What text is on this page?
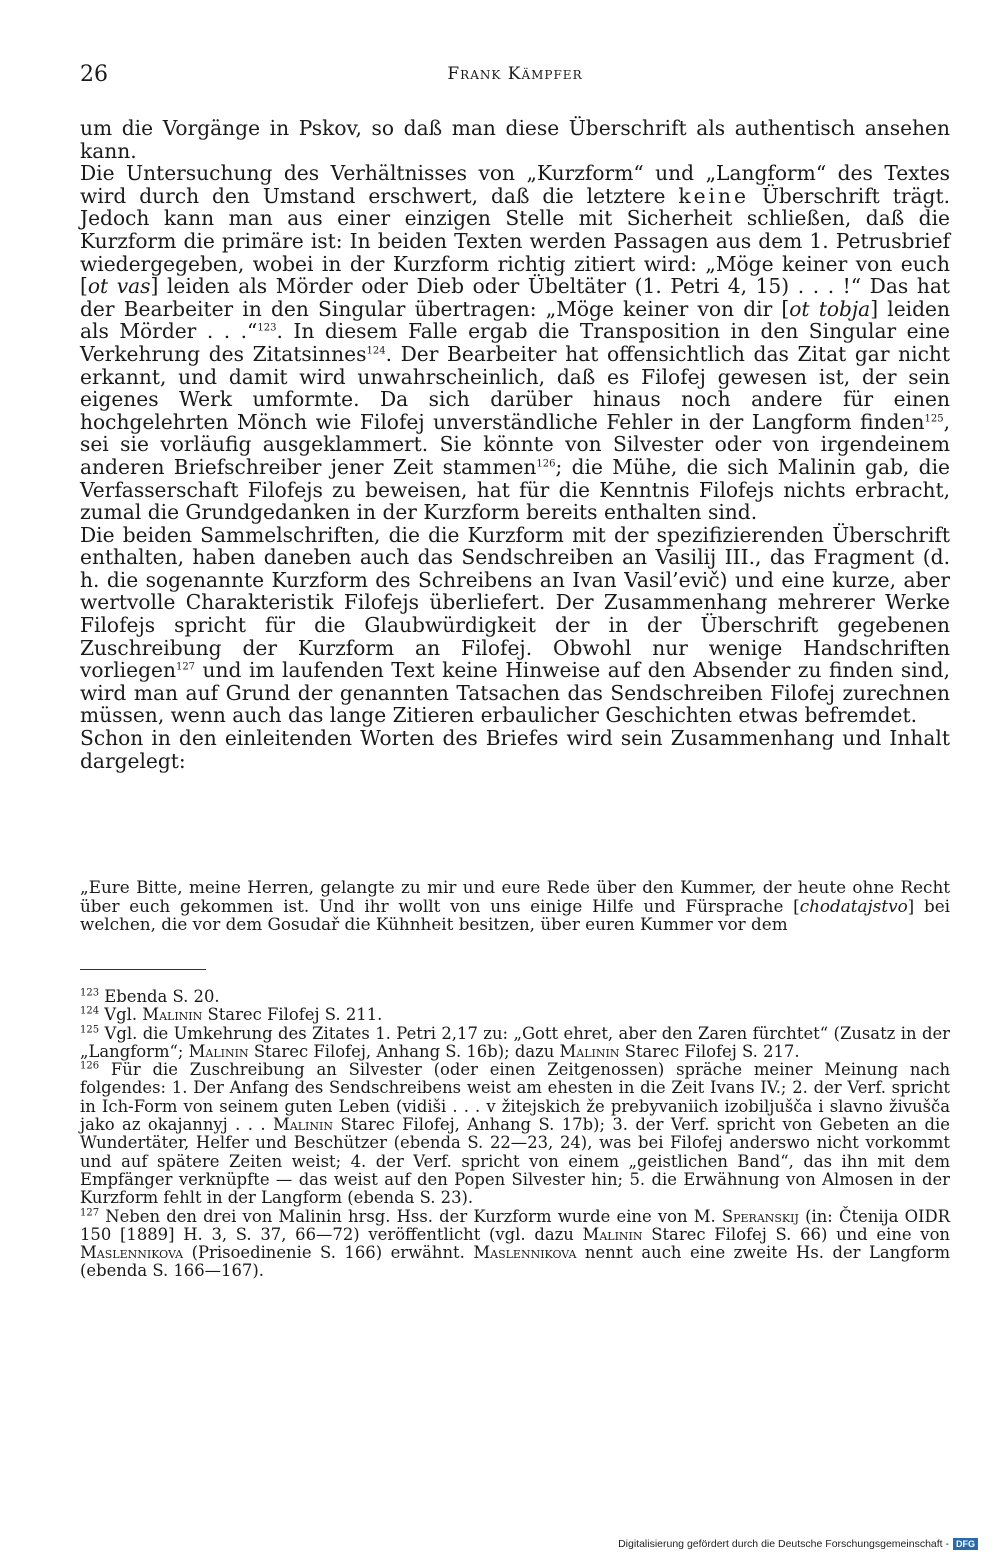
26	Frank Kämpfer

um die Vorgänge in Pskov, so daß man diese Überschrift als authentisch ansehen kann.

Die Untersuchung des Verhältnisses von „Kurzform“ und „Langform“ des Textes wird durch den Umstand erschwert, daß die letztere keine Überschrift trägt. Jedoch kann man aus einer einzigen Stelle mit Sicherheit schließen, daß die Kurzform die primäre ist: In beiden Texten werden Passagen aus dem 1. Petrusbrief wiedergegeben, wobei in der Kurzform richtig zitiert wird: „Möge keiner von euch [ot vas] leiden als Mörder oder Dieb oder Übeltäter (1. Petri 4, 15) . . . !“ Das hat der Bearbeiter in den Singular übertragen: „Möge keiner von dir [ot tobja] leiden als Mörder . . .“$^{123}$. In diesem Falle ergab die Transposition in den Singular eine Verkehrung des Zitatsinnes$^{124}$. Der Bearbeiter hat offensichtlich das Zitat gar nicht erkannt, und damit wird unwahrscheinlich, daß es Filofej gewesen ist, der sein eigenes Werk umformte. Da sich darüber hinaus noch andere für einen hochgelehrten Mönch wie Filofej unverständliche Fehler in der Langform finden$^{125}$, sei sie vorläufig ausgeklammert. Sie könnte von Silvester oder von irgendeinem anderen Briefschreiber jener Zeit stammen$^{126}$; die Mühe, die sich Malinin gab, die Verfasserschaft Filofejs zu beweisen, hat für die Kenntnis Filofejs nichts erbracht, zumal die Grundgedanken in der Kurzform bereits enthalten sind.

Die beiden Sammelschriften, die die Kurzform mit der spezifizierenden Überschrift enthalten, haben daneben auch das Sendschreiben an Vasilij III., das Fragment (d. h. die sogenannte Kurzform des Schreibens an Ivan Vasil’evič) und eine kurze, aber wertvolle Charakteristik Filofejs überliefert. Der Zusammenhang mehrerer Werke Filofejs spricht für die Glaubwürdigkeit der in der Überschrift gegebenen Zuschreibung der Kurzform an Filofej. Obwohl nur wenige Handschriften vorliegen$^{127}$ und im laufenden Text keine Hinweise auf den Absender zu finden sind, wird man auf Grund der genannten Tatsachen das Sendschreiben Filofej zurechnen müssen, wenn auch das lange Zitieren erbaulicher Geschichten etwas befremdet.

Schon in den einleitenden Worten des Briefes wird sein Zusammenhang und Inhalt dargelegt:

„Eure Bitte, meine Herren, gelangte zu mir und eure Rede über den Kummer, der heute ohne Recht über euch gekommen ist. Und ihr wollt von uns einige Hilfe und Fürsprache [chodatajstvo] bei welchen, die vor dem Gosudař die Kühnheit besitzen, über euren Kummer vor dem

$^{123}$ Ebenda S. 20.

$^{124}$ Vgl. Malinin Starec Filofej S. 211.

$^{125}$ Vgl. die Umkehrung des Zitates 1. Petri 2,17 zu: „Gott ehret, aber den Zaren fürchtet“ (Zusatz in der „Langform“; Malinin Starec Filofej, Anhang S. 16b); dazu Malinin Starec Filofej S. 217.

$^{126}$ Für die Zuschreibung an Silvester (oder einen Zeitgenossen) spräche meiner Meinung nach folgendes: 1. Der Anfang des Sendschreibens weist am ehesten in die Zeit Ivans IV.; 2. der Verf. spricht in Ich-Form von seinem guten Leben (vidiši . . . v žitejskich že prebyvaniich izobiljušča i slavno živušča jako az okajannyj . . . Malinin Starec Filofej, Anhang S. 17b); 3. der Verf. spricht von Gebeten an die Wundertäter, Helfer und Beschützer (ebenda S. 22—23, 24), was bei Filofej anderswo nicht vorkommt und auf spätere Zeiten weist; 4. der Verf. spricht von einem „geistlichen Band“, das ihn mit dem Empfänger verknüpfte — das weist auf den Popen Silvester hin; 5. die Erwähnung von Almosen in der Kurzform fehlt in der Langform (ebenda S. 23).

$^{127}$ Neben den drei von Malinin hrsg. Hss. der Kurzform wurde eine von M. Speranskij (in: Čtenija OIDR 150 [1889] H. 3, S. 37, 66—72) veröffentlicht (vgl. dazu Malinin Starec Filofej S. 66) und eine von Maslennikova (Prisoedinenie S. 166) erwähnt. Maslennikova nennt auch eine zweite Hs. der Langform (ebenda S. 166—167).

Digitalisierung gefördert durch die Deutsche Forschungsgemeinschaft - DFG
